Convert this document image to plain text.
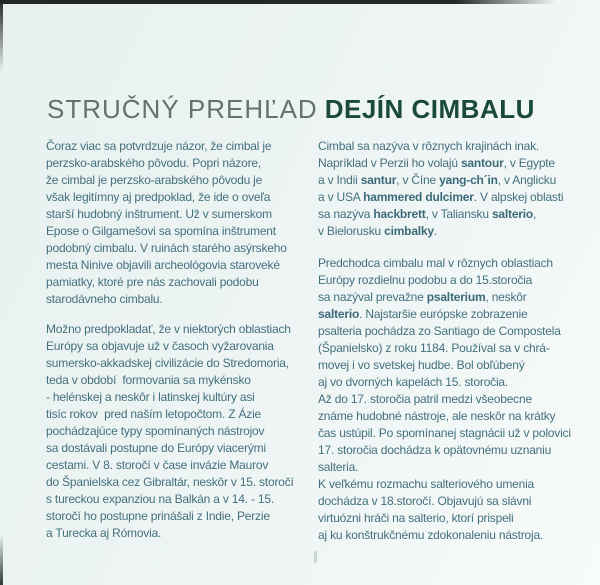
STRUČNÝ PREHĽAD DEJÍN CIMBALU

Čoraz viac sa potvrdzuje názor, že cimbal je
perzsko-arabského pôvodu. Popri názore,
že cimbal je perzsko-arabského pôvodu je
však legitímny aj predpoklad, že ide o oveľa
starší hudobný inštrument. Už v sumerskom
Epose o Gilgamešovi sa spomína inštrument
podobný cimbalu. V ruinách starého asýrskeho
mesta Ninive objavili archeológovia staroveké
pamiatky, ktoré pre nás zachovali podobu
starodávneho cimbalu.

Možno predpokladať, že v niektorých oblastiach
Európy sa objavuje už v časoch vyžarovania
sumersko-akkadskej civilizácie do Stredomoria,
teda v období  formovania sa mykénsko
- helénskej a neskôr i latinskej kultúry asi
tisíc rokov  pred naším letopočtom. Z Ázie
pochádzajúce typy spomínaných nástrojov
sa dostávali postupne do Európy viacerými
cestami. V 8. storočí v čase invázie Maurov
do Španielska cez Gibraltár, neskôr v 15. storočí
s tureckou expanziou na Balkán a v 14. - 15.
storočí ho postupne prinášali z Indie, Perzie
a Turecka aj Rómovia.

Cimbal sa nazýva v rôznych krajinách inak.
Napríklad v Perzii ho volajú santour, v Egypte
a v Indii santur, v Číne yang-ch´in, v Anglicku
a v USA hammered dulcimer. V alpskej oblasti
sa nazýva hackbrett, v Taliansku salterio,
v Bielorusku cimbalky.

Predchodca cimbalu mal v rôznych oblastiach
Európy rozdielnu podobu a do 15.storočia
sa nazýval prevažne psalterium, neskôr
salterio. Najstaršie európske zobrazenie
psalteria pochádza zo Santiago de Compostela
(Španielsko) z roku 1184. Používal sa v chrá-
movej i vo svetskej hudbe. Bol obľúbený
aj vo dvorných kapelách 15. storočia.
Až do 17. storočia patril medzi všeobecne
známe hudobné nástroje, ale neskôr na krátky
čas ustúpil. Po spomínanej stagnácii už v polovici
17. storočia dochádza k opätovnému uznaniu
salteria.
K veľkému rozmachu salteriového umenia
dochádza v 18.storočí. Objavujú sa slávni
virtuózni hráči na salterio, ktorí prispeli
aj ku konštrukčnému zdokonaleniu nástroja.
